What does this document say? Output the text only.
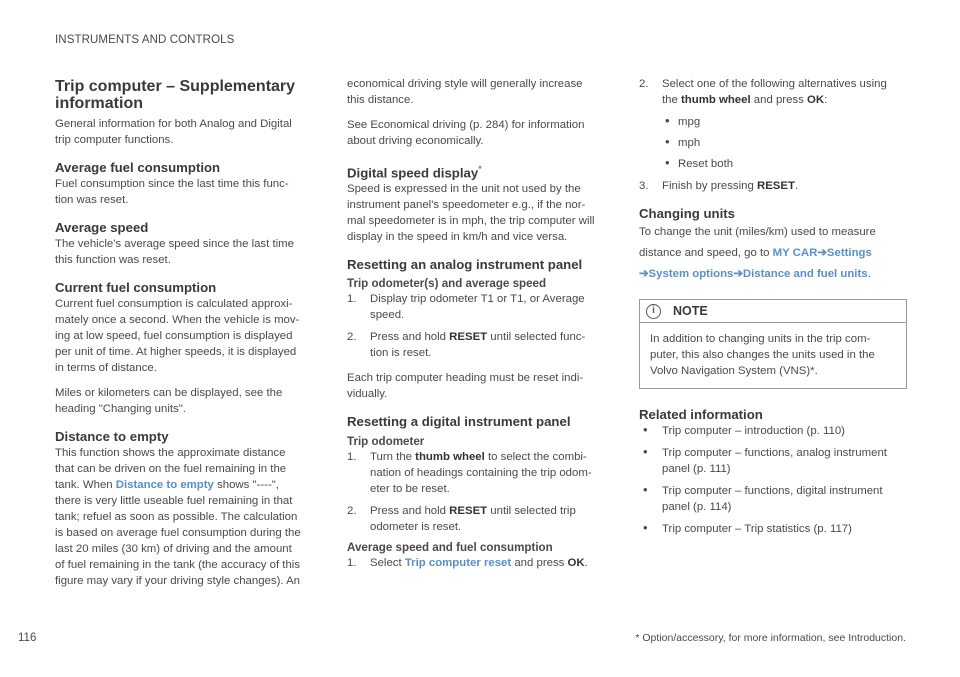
INSTRUMENTS AND CONTROLS
Trip computer – Supplementary
information

General information for both Analog and Digital
trip computer functions.

Average fuel consumption

Fuel consumption since the last time this func-
tion was reset.

Average speed

The vehicle's average speed since the last time
this function was reset.

Current fuel consumption

Current fuel consumption is calculated approxi-
mately once a second. When the vehicle is mov-
ing at low speed, fuel consumption is displayed
per unit of time. At higher speeds, it is displayed
in terms of distance.

Miles or kilometers can be displayed, see the
heading "Changing units".

Distance to empty

This function shows the approximate distance
that can be driven on the fuel remaining in the
tank. When Distance to empty shows "----",
there is very little useable fuel remaining in that
tank; refuel as soon as possible. The calculation
is based on average fuel consumption during the
last 20 miles (30 km) of driving and the amount
of fuel remaining in the tank (the accuracy of this
figure may vary if your driving style changes). An

economical driving style will generally increase
this distance.

See Economical driving (p. 284) for information
about driving economically.

Digital speed display*

Speed is expressed in the unit not used by the
instrument panel's speedometer e.g., if the nor-
mal speedometer is in mph, the trip computer will
display in the speed in km/h and vice versa.

Resetting an analog instrument panel
Trip odometer(s) and average speed
1. Display trip odometer T1 or T1, or Average
speed.
2. Press and hold RESET until selected func-
tion is reset.

Each trip computer heading must be reset indi-
vidually.

Resetting a digital instrument panel
Trip odometer
1. Turn the thumb wheel to select the combi-
nation of headings containing the trip odom-
eter to be reset.
2. Press and hold RESET until selected trip
odometer is reset.
Average speed and fuel consumption
1. Select Trip computer reset and press OK.
2. Select one of the following alternatives using
the thumb wheel and press OK:
• mpg
• mph
• Reset both
3. Finish by pressing RESET.
Changing units

To change the unit (miles/km) used to measure
distance and speed, go to MY CAR➔Settings
➔System options➔Distance and fuel units.

i	NOTE
In addition to changing units in the trip com-
puter, this also changes the units used in the
Volvo Navigation System (VNS)*.
Related information
• Trip computer – introduction (p. 110)
• Trip computer – functions, analog instrument
panel (p. 111)
• Trip computer – functions, digital instrument
panel (p. 114)
• Trip computer – Trip statistics (p. 117)
* Option/accessory, for more information, see Introduction.
116
